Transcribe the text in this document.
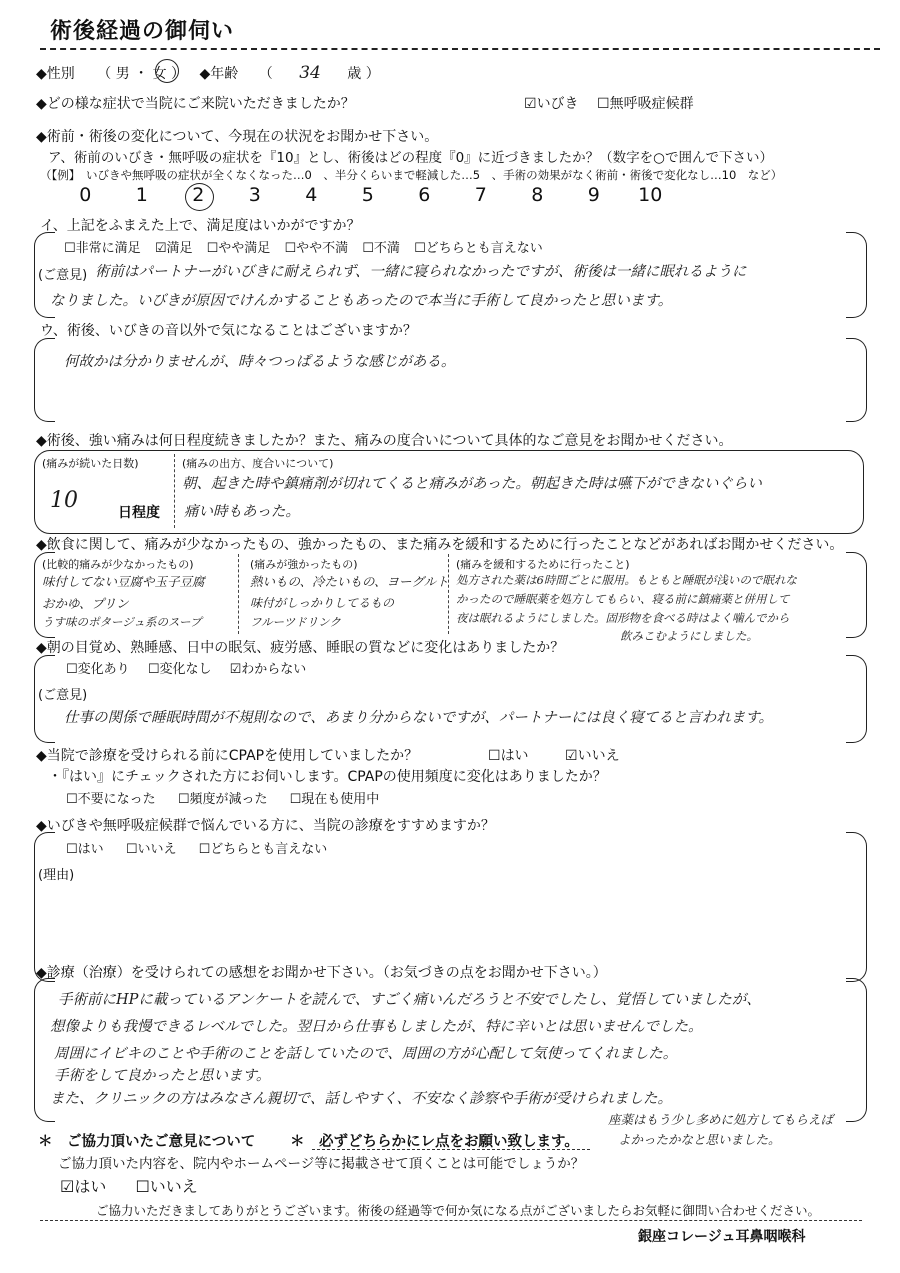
術後経過の御伺い
◆性別 （ 男 ・ 女 ） ◆年齢 （ 34 歳 ）
◆どの様な症状で当院にご来院いただきましたか？	☑いびき ☐無呼吸症候群
◆術前・術後の変化について、今現在の状況をお聞かせ下さい。
ア、術前のいびき・無呼吸の症状を『10』とし、術後はどの程度『0』に近づきましたか？（数字を○で囲んで下さい）
（【例】　いびきや無呼吸の症状が全くなくなった…0　、半分くらいまで軽減した…5　、手術の効果がなく術前・術後で変化なし…10　など）
0 1 2 3 4 5 6 7 8 9 10
イ、上記をふまえた上で、満足度はいかがですか？
☐非常に満足 ☑満足 ☐やや満足 ☐やや不満 ☐不満 ☐どちらとも言えない
(ご意見) 術前はパートナーがいびきに耐えられず、一緒に寝られなかったですが、術後は一緒に眠れるように
なりました。いびきが原因でけんかすることもあったので本当に手術して良かったと思います。
ウ、術後、いびきの音以外で気になることはございますか？
何故かは分かりませんが、時々つっぱるような感じがある。
◆術後、強い痛みは何日程度続きましたか？また、痛みの度合いについて具体的なご意見をお聞かせください。
(痛みが続いた日数)
10	日程度
(痛みの出方、度合いについて)
朝、起きた時や鎮痛剤が切れてくると痛みがあった。朝起きた時は嚥下ができないぐらい
痛い時もあった。
◆飲食に関して、痛みが少なかったもの、強かったもの、また痛みを緩和するために行ったことなどがあればお聞かせください。
(比較的痛みが少なかったもの)
味付してない豆腐や玉子豆腐
おかゆ、プリン
うす味のポタージュ系のスープ
(痛みが強かったもの)
熱いもの、冷たいもの、ヨーグルト
味付がしっかりしてるもの
フルーツドリンク
(痛みを緩和するために行ったこと)
処方された薬は6時間ごとに服用。もともと睡眠が浅いので眠れな
かったので睡眠薬を処方してもらい、寝る前に鎮痛薬と併用して
夜は眠れるようにしました。固形物を食べる時はよく噛んでから
飲みこむようにしました。
◆朝の目覚め、熟睡感、日中の眠気、疲労感、睡眠の質などに変化はありましたか？
☐変化あり ☐変化なし ☑わからない
(ご意見)
仕事の関係で睡眠時間が不規則なので、あまり分からないですが、パートナーには良く寝てると言われます。
◆当院で診療を受けられる前にCPAPを使用していましたか？	☐はい	☑いいえ
・『はい』にチェックされた方にお伺いします。CPAPの使用頻度に変化はありましたか？
☐不要になった ☐頻度が減った ☐現在も使用中
◆いびきや無呼吸症候群で悩んでいる方に、当院の診療をすすめますか？
☐はい ☐いいえ ☐どちらとも言えない
(理由)
◆診療（治療）を受けられての感想をお聞かせ下さい。（お気づきの点をお聞かせ下さい。）
手術前にHPに載っているアンケートを読んで、すごく痛いんだろうと不安でしたし、覚悟していましたが、
想像よりも我慢できるレベルでした。翌日から仕事もしましたが、特に辛いとは思いませんでした。
周囲にイビキのことや手術のことを話していたので、周囲の方が心配して気使ってくれました。
手術をして良かったと思います。
また、クリニックの方はみなさん親切で、話しやすく、不安なく診察や手術が受けられました。
座薬はもう少し多めに処方してもらえば
よかったかなと思いました。
＊　ご協力頂いたご意見について ＊　必ずどちらかにレ点をお願い致します。
ご協力頂いた内容を、院内やホームページ等に掲載させて頂くことは可能でしょうか？
☑はい ☐いいえ
ご協力いただきましてありがとうございます。術後の経過等で何か気になる点がございましたらお気軽に御問い合わせください。
銀座コレージュ耳鼻咽喉科
